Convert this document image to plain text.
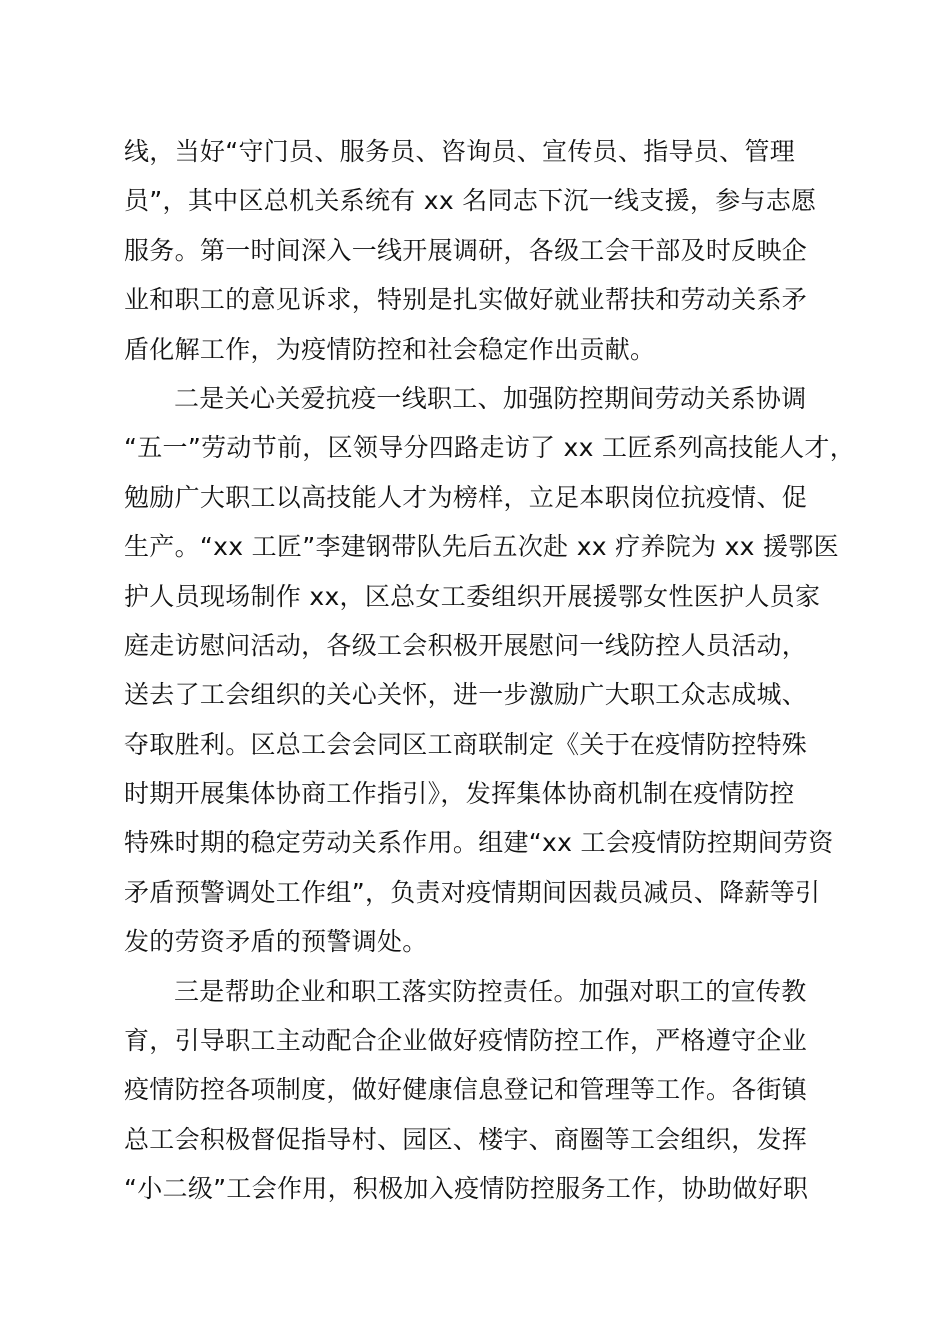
线，当好“守门员、服务员、咨询员、宣传员、指导员、管理
员”，其中区总机关系统有 xx 名同志下沉一线支援，参与志愿
服务。第一时间深入一线开展调研，各级工会干部及时反映企
业和职工的意见诉求，特别是扎实做好就业帮扶和劳动关系矛
盾化解工作，为疫情防控和社会稳定作出贡献。
二是关心关爱抗疫一线职工、加强防控期间劳动关系协调
“五一”劳动节前，区领导分四路走访了 xx 工匠系列高技能人才，
勉励广大职工以高技能人才为榜样，立足本职岗位抗疫情、促
生产。“xx 工匠”李建钢带队先后五次赴 xx 疗养院为 xx 援鄂医
护人员现场制作 xx，区总女工委组织开展援鄂女性医护人员家
庭走访慰问活动，各级工会积极开展慰问一线防控人员活动，
送去了工会组织的关心关怀，进一步激励广大职工众志成城、
夺取胜利。区总工会会同区工商联制定《关于在疫情防控特殊
时期开展集体协商工作指引》，发挥集体协商机制在疫情防控
特殊时期的稳定劳动关系作用。组建“xx 工会疫情防控期间劳资
矛盾预警调处工作组”，负责对疫情期间因裁员减员、降薪等引
发的劳资矛盾的预警调处。
三是帮助企业和职工落实防控责任。加强对职工的宣传教
育，引导职工主动配合企业做好疫情防控工作，严格遵守企业
疫情防控各项制度，做好健康信息登记和管理等工作。各街镇
总工会积极督促指导村、园区、楼宇、商圈等工会组织，发挥
“小二级”工会作用，积极加入疫情防控服务工作，协助做好职
